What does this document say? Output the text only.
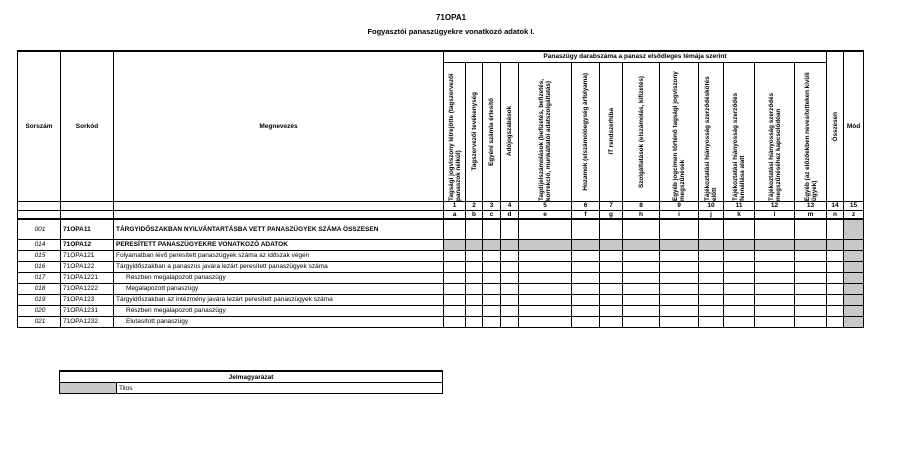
71OPA1
Fogyasztói panaszügyekre vonatkozó adatok I.
Sorszám	Sorkód	Megnevezés	Panaszügy darabszáma a panasz elsődleges témája szerint													Összesen	Mód

			Tagsági jogviszony létrejötte (tagszervezői panaszok nélkül)	Tagszervezői tevékenység	Egyéni számla értesítő	Adójogszabások	Tagdíjelszámolások (befizetés, befizetés, korrekció, munkáltatói adatszolgáltatás)	Hozamok (elszámolóegység árfolyama)	IT rendszerhiba	Szolgáltatások (elszámolás, kifizetés)	Egyéb jogcímen történő tagsági jogviszony megszűnések	Tájékoztatási hiányosság szerződéskötés előtt	Tájékoztatási hiányosság szerződés fennállása alatt	Tájékoztatási hiányosság szerződés megszűnéséhez kapcsolódóan	Egyéb (az előzőekben nevesítetteken kívüli ügyek)		

			1	2	3	4	5	6	7	8	9	10	11	12	13	14	15
			a	b	c	d	e	f	g	h	i	j	k	l	m	n	z
001	71OPA11	TÁRGYIDŐSZAKBAN NYILVÁNTARTÁSBA VETT PANASZÜGYEK SZÁMA ÖSSZESEN															
014	71OPA12	PERESÍTETT PANASZÜGYEKRE VONATKOZÓ ADATOK															
015	71OPA121	Folyamatban lévő peresített panaszügyek száma az időszak végén															
016	71OPA122	Tárgyidőszakban a panaszos javára lezárt peresített panaszügyek száma															
017	71OPA1221	Részben megalapozott panaszügy															
018	71OPA1222	Megalapozott panaszügy															
019	71OPA123	Tárgyidőszakban az intézmény javára lezárt peresített panaszügyek száma															
020	71OPA1231	Részben megalapozott panaszügy															
021	71OPA1232	Elutasított panaszügy															
Jelmagyarázat
	Tilos
